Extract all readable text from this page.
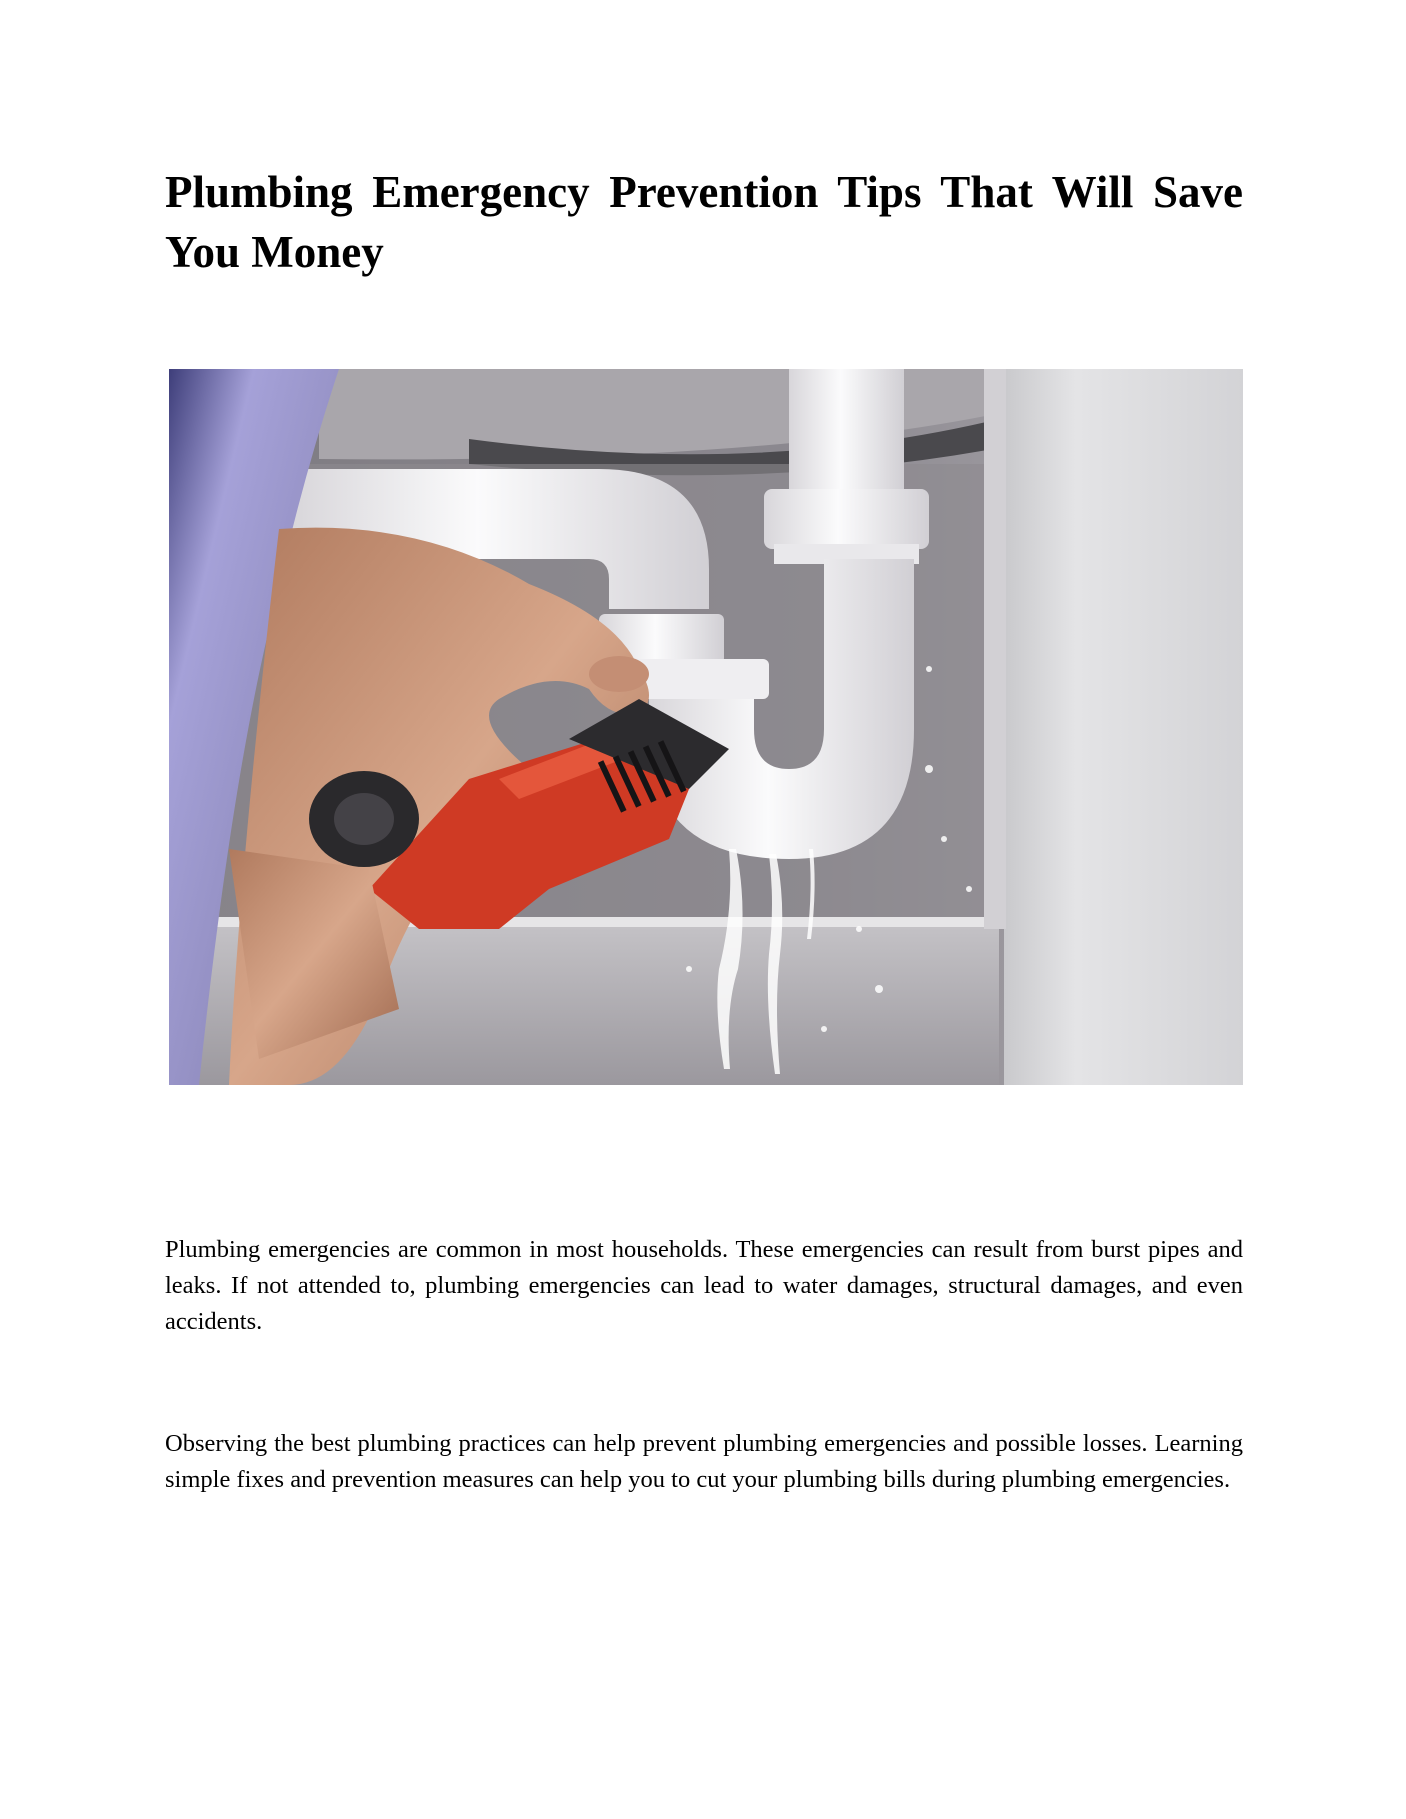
Plumbing Emergency Prevention Tips That Will Save You Money

Plumbing emergencies are common in most households. These emergencies can result from burst pipes and leaks. If not attended to, plumbing emergencies can lead to water damages, structural damages, and even accidents.

Observing the best plumbing practices can help prevent plumbing emergencies and possible losses. Learning simple fixes and prevention measures can help you to cut your plumbing bills during plumbing emergencies.
